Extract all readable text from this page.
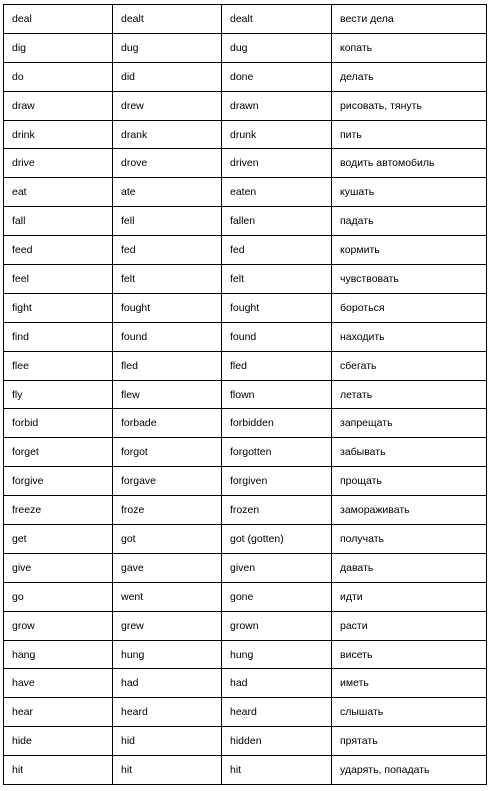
deal	dealt	dealt	вести дела
dig	dug	dug	копать
do	did	done	делать
draw	drew	drawn	рисовать, тянуть
drink	drank	drunk	пить
drive	drove	driven	водить автомобиль
eat	ate	eaten	кушать
fall	fell	fallen	падать
feed	fed	fed	кормить
feel	felt	felt	чувствовать
fight	fought	fought	бороться
find	found	found	находить
flee	fled	fled	сбегать
fly	flew	flown	летать
forbid	forbade	forbidden	запрещать
forget	forgot	forgotten	забывать
forgive	forgave	forgiven	прощать
freeze	froze	frozen	замораживать
get	got	got (gotten)	получать
give	gave	given	давать
go	went	gone	идти
grow	grew	grown	расти
hang	hung	hung	висеть
have	had	had	иметь
hear	heard	heard	слышать
hide	hid	hidden	прятать
hit	hit	hit	ударять, попадать
